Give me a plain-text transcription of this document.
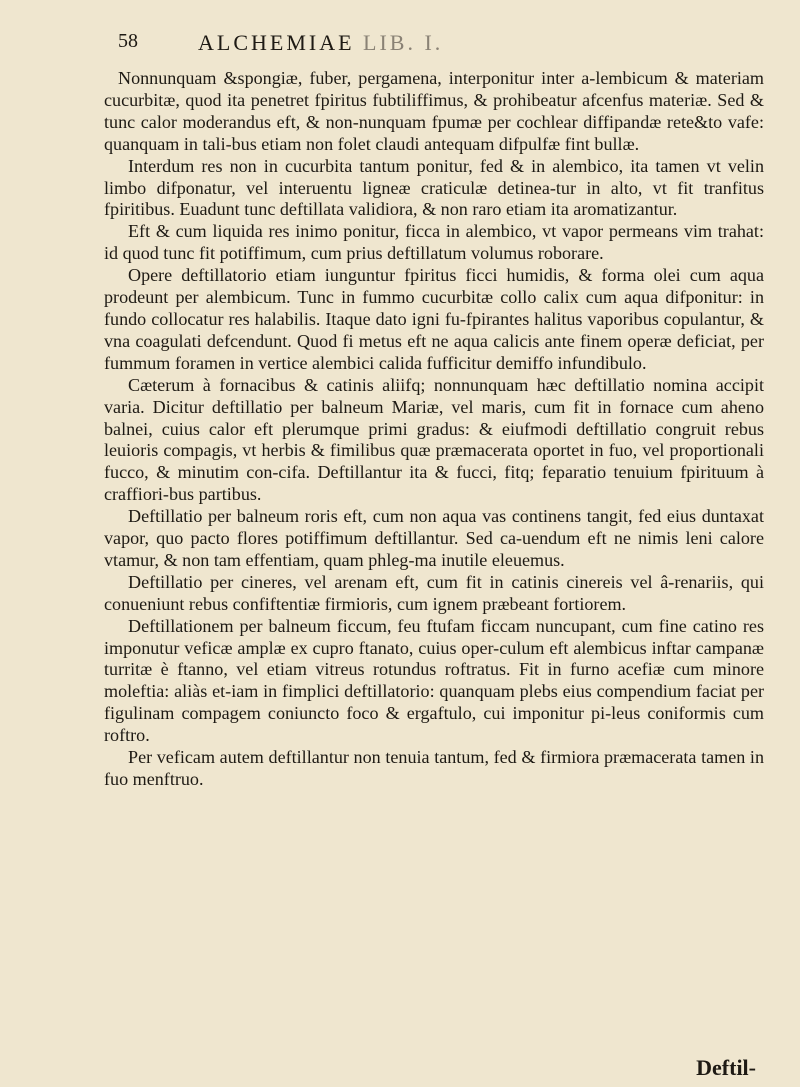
58	ALCHEMIAE LIB. I.

Nonnunquam &spongiæ, fuber, pergamena, interponitur inter a-lembicum & materiam cucurbitæ, quod ita penetret fpiritus fubtiliffimus, & prohibeatur afcenfus materiæ. Sed & tunc calor moderandus eft, & non-nunquam fpumæ per cochlear diffipandæ rete&to vafe: quanquam in tali-bus etiam non folet claudi antequam difpulfæ fint bullæ.

Interdum res non in cucurbita tantum ponitur, fed & in alembico, ita tamen vt velin limbo difponatur, vel interuentu ligneæ craticulæ detinea-tur in alto, vt fit tranfitus fpiritibus. Euadunt tunc deftillata validiora, & non raro etiam ita aromatizantur.

Eft & cum liquida res inimo ponitur, ficca in alembico, vt vapor permeans vim trahat: id quod tunc fit potiffimum, cum prius deftillatum volumus roborare.

Opere deftillatorio etiam iunguntur fpiritus ficci humidis, & forma olei cum aqua prodeunt per alembicum. Tunc in fummo cucurbitæ collo calix cum aqua difponitur: in fundo collocatur res halabilis. Itaque dato igni fu-fpirantes halitus vaporibus copulantur, & vna coagulati defcendunt. Quod fi metus eft ne aqua calicis ante finem operæ deficiat, per fummum foramen in vertice alembici calida fufficitur demiffo infundibulo.

Cæterum à fornacibus & catinis aliifq; nonnunquam hæc deftillatio nomina accipit varia. Dicitur deftillatio per balneum Mariæ, vel maris, cum fit in fornace cum aheno balnei, cuius calor eft plerumque primi gradus: & eiufmodi deftillatio congruit rebus leuioris compagis, vt herbis & fimilibus quæ præmacerata oportet in fuo, vel proportionali fucco, & minutim con-cifa. Deftillantur ita & fucci, fitq; feparatio tenuium fpirituum à craffiori-bus partibus.

Deftillatio per balneum roris eft, cum non aqua vas continens tangit, fed eius duntaxat vapor, quo pacto flores potiffimum deftillantur. Sed ca-uendum eft ne nimis leni calore vtamur, & non tam effentiam, quam phleg-ma inutile eleuemus.

Deftillatio per cineres, vel arenam eft, cum fit in catinis cinereis vel â-renariis, qui conueniunt rebus confiftentiæ firmioris, cum ignem præbeant fortiorem.

Deftillationem per balneum ficcum, feu ftufam ficcam nuncupant, cum fine catino res imponutur veficæ amplæ ex cupro ftanato, cuius oper-culum eft alembicus inftar campanæ turritæ è ftanno, vel etiam vitreus rotundus roftratus. Fit in furno acefiæ cum minore moleftia: aliàs et-iam in fimplici deftillatorio: quanquam plebs eius compendium faciat per figulinam compagem coniuncto foco & ergaftulo, cui imponitur pi-leus coniformis cum roftro.

Per veficam autem deftillantur non tenuia tantum, fed & firmiora præmacerata tamen in fuo menftruo.

Deftil-
